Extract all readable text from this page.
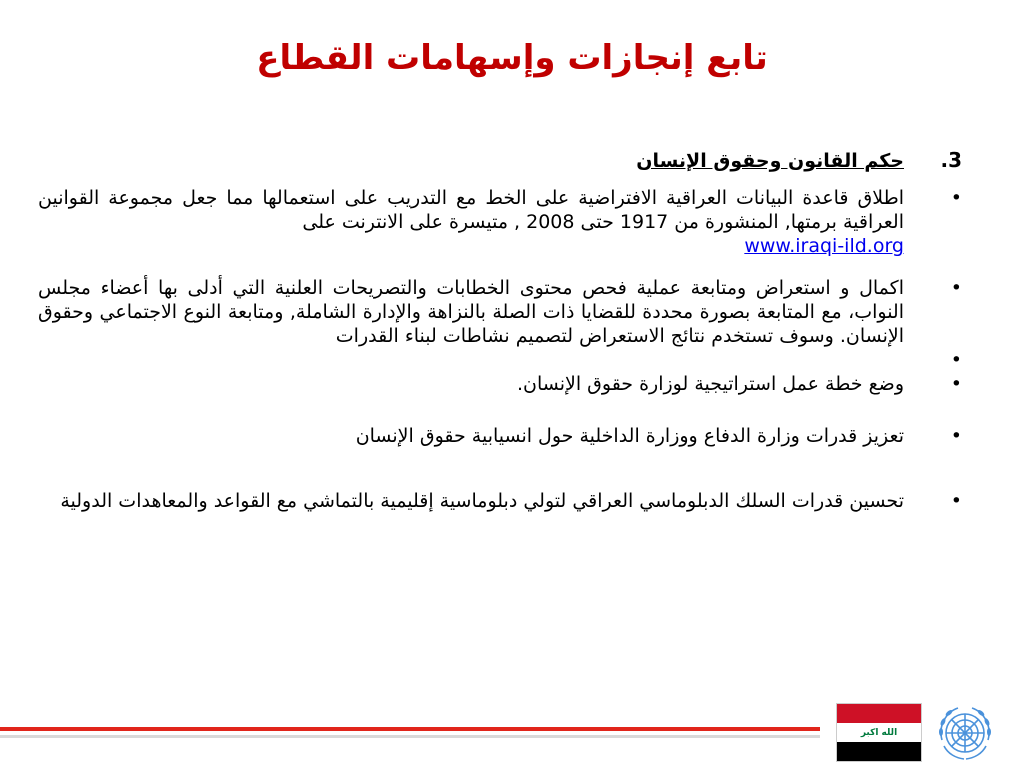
تابع إنجازات وإسهامات القطاع
3.
حكم القانون وحقوق الإنسان
•
اطلاق قاعدة البيانات العراقية الافتراضية على الخط مع التدريب على استعمالها مما جعل مجموعة القوانين العراقية برمتها, المنشورة من 1917 حتى 2008 , متيسرة على الانترنت على
www.iraqi-ild.org
•
اكمال و استعراض ومتابعة عملية فحص محتوى الخطابات والتصريحات العلنية التي أدلى بها أعضاء مجلس النواب، مع المتابعة بصورة محددة للقضايا ذات الصلة بالنزاهة والإدارة الشاملة, ومتابعة النوع الاجتماعي وحقوق الإنسان. وسوف تستخدم نتائج الاستعراض لتصميم نشاطات لبناء القدرات
•
•
وضع خطة عمل استراتيجية لوزارة حقوق الإنسان.
•
تعزيز قدرات وزارة الدفاع ووزارة الداخلية حول انسيابية حقوق الإنسان
•
تحسين قدرات السلك الدبلوماسي العراقي لتولي دبلوماسية إقليمية بالتماشي مع القواعد والمعاهدات الدولية
الله اكبر
